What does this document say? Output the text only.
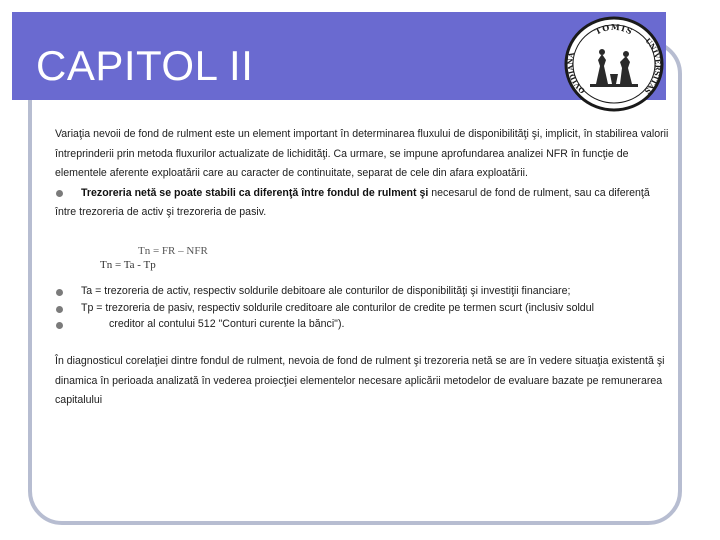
CAPITOL II
TOMIS
OVIDIANA
UNIVERSITAS

Variaţia nevoii de fond de rulment este un element important în determinarea fluxului de disponibilităţi şi, implicit, în stabilirea valorii întreprinderii prin metoda fluxurilor actualizate de lichidităţi. Ca urmare, se impune aprofundarea analizei NFR în funcţie de elementele aferente exploatării care au caracter de continuitate, separat de cele din afara exploatării.

Trezoreria netă se poate stabili ca diferenţă între fondul de rulment şi necesarul de fond de rulment, sau ca diferenţă între trezoreria de activ şi trezoreria de pasiv.

Tn = FR – NFR
Tn = Ta - Tp
Ta = trezoreria de activ, respectiv soldurile debitoare ale conturilor de disponibilităţi şi investiţii financiare;
Tp = trezoreria de pasiv, respectiv soldurile creditoare ale conturilor de credite pe termen scurt (inclusiv soldul
creditor al contului 512 "Conturi curente la bănci").
În diagnosticul corelaţiei dintre fondul de rulment, nevoia de fond de rulment şi trezoreria netă se are în vedere situaţia existentă şi dinamica în perioada analizată în vederea proiecţiei elementelor necesare aplicării metodelor de evaluare bazate pe remunerarea capitalului
